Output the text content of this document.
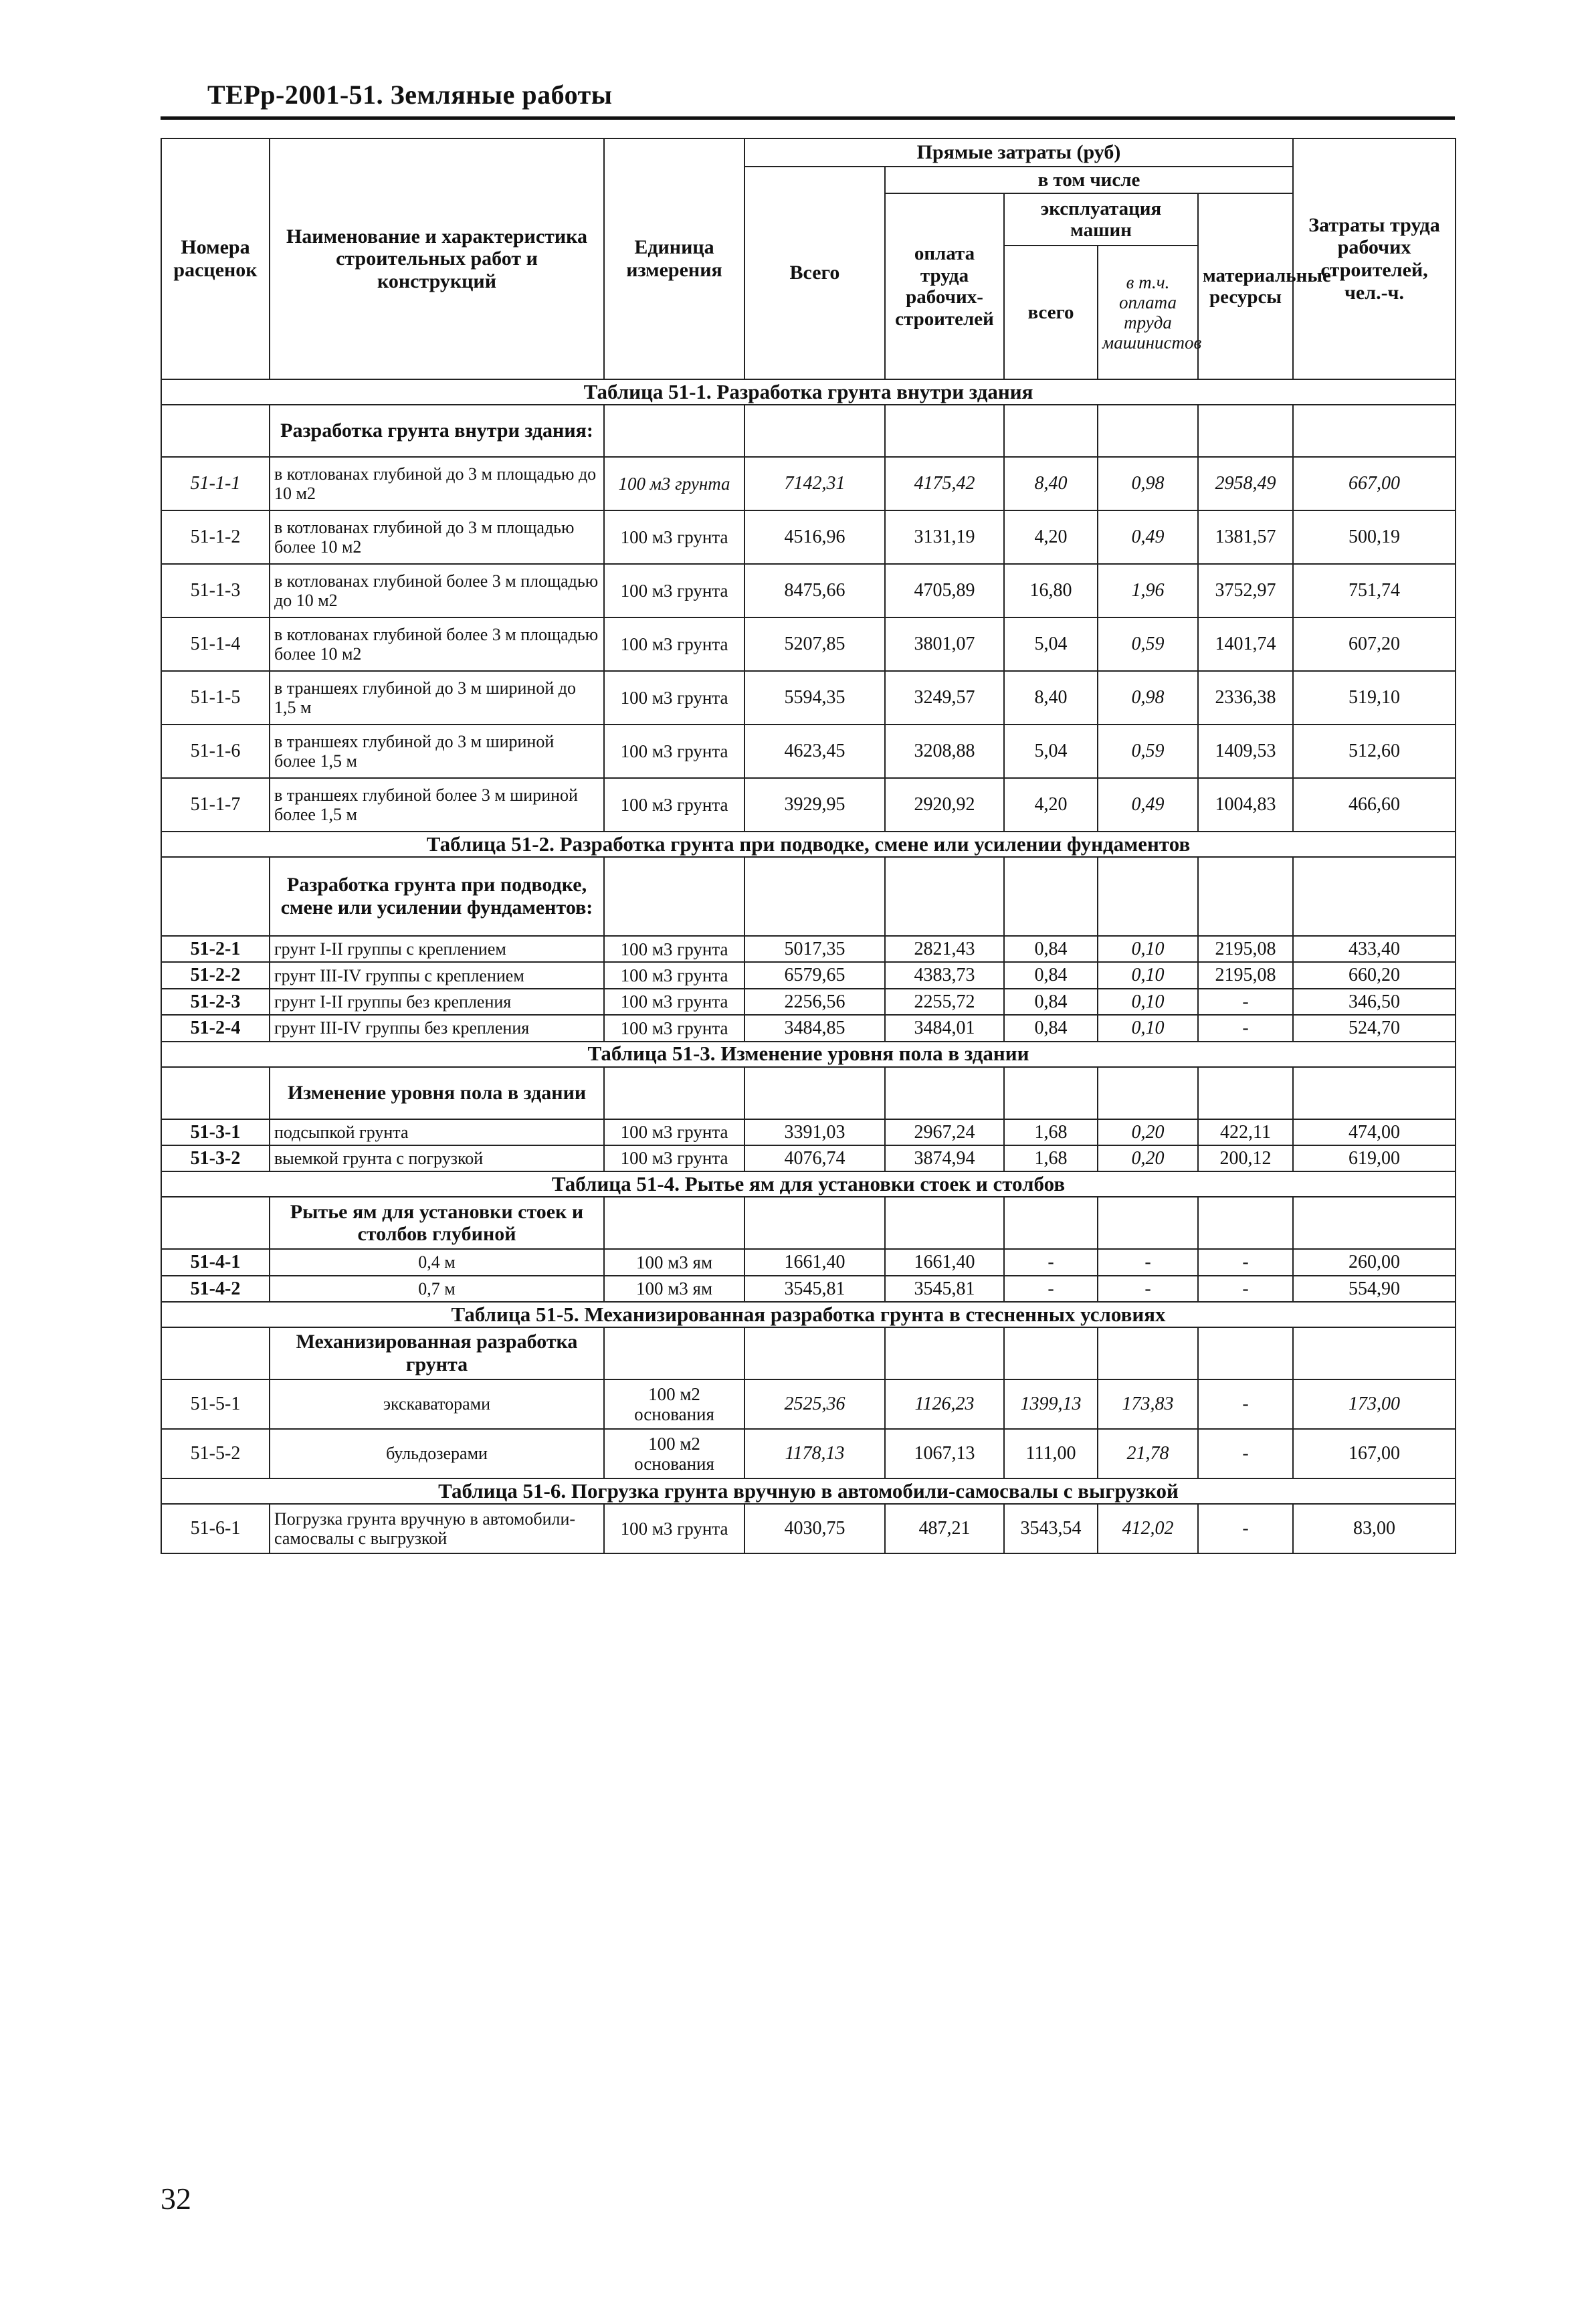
ТЕРр-2001-51. Земляные работы
Номера расценок	Наименование и характеристика строительных работ и конструкций	Единица измерения	Прямые затраты (руб)					Затраты труда рабочих строителей, чел.-ч.
			Всего	в том числе				
				оплата труда рабочих-строителей	эксплуатация машин		материальные ресурсы	
					всего	в т.ч. оплата труда машинистов		
Таблица 51-1. Разработка грунта внутри здания								
	Разработка грунта внутри здания:							
51-1-1	в котлованах глубиной до 3 м площадью до 10 м2	100 м3 грунта	7142,31	4175,42	8,40	0,98	2958,49	667,00
51-1-2	в котлованах глубиной до 3 м площадью более 10 м2	100 м3 грунта	4516,96	3131,19	4,20	0,49	1381,57	500,19
51-1-3	в котлованах глубиной более 3 м площадью до 10 м2	100 м3 грунта	8475,66	4705,89	16,80	1,96	3752,97	751,74
51-1-4	в котлованах глубиной более 3 м площадью более 10 м2	100 м3 грунта	5207,85	3801,07	5,04	0,59	1401,74	607,20
51-1-5	в траншеях глубиной до 3 м шириной до 1,5 м	100 м3 грунта	5594,35	3249,57	8,40	0,98	2336,38	519,10
51-1-6	в траншеях глубиной до 3 м шириной более 1,5 м	100 м3 грунта	4623,45	3208,88	5,04	0,59	1409,53	512,60
51-1-7	в траншеях глубиной более 3 м шириной более 1,5 м	100 м3 грунта	3929,95	2920,92	4,20	0,49	1004,83	466,60
Таблица 51-2. Разработка грунта при подводке, смене или усилении фундаментов								
	Разработка грунта при подводке, смене или усилении фундаментов:							
51-2-1	грунт I-II группы с креплением	100 м3 грунта	5017,35	2821,43	0,84	0,10	2195,08	433,40
51-2-2	грунт III-IV группы с креплением	100 м3 грунта	6579,65	4383,73	0,84	0,10	2195,08	660,20
51-2-3	грунт I-II группы без крепления	100 м3 грунта	2256,56	2255,72	0,84	0,10	-	346,50
51-2-4	грунт III-IV группы без крепления	100 м3 грунта	3484,85	3484,01	0,84	0,10	-	524,70
Таблица 51-3. Изменение уровня пола в здании								
	Изменение уровня пола в здании							
51-3-1	подсыпкой грунта	100 м3 грунта	3391,03	2967,24	1,68	0,20	422,11	474,00
51-3-2	выемкой грунта с погрузкой	100 м3 грунта	4076,74	3874,94	1,68	0,20	200,12	619,00
Таблица 51-4. Рытье ям для установки стоек и столбов								
	Рытье ям для установки стоек и столбов глубиной							
51-4-1	0,4 м	100 м3 ям	1661,40	1661,40	-	-	-	260,00
51-4-2	0,7 м	100 м3 ям	3545,81	3545,81	-	-	-	554,90
Таблица 51-5. Механизированная разработка грунта в стесненных условиях								
	Механизированная разработка грунта							
51-5-1	экскаваторами	100 м2 основания	2525,36	1126,23	1399,13	173,83	-	173,00
51-5-2	бульдозерами	100 м2 основания	1178,13	1067,13	111,00	21,78	-	167,00
Таблица 51-6. Погрузка грунта вручную в автомобили-самосвалы с выгрузкой								
51-6-1	Погрузка грунта вручную в автомобили-самосвалы с выгрузкой	100 м3 грунта	4030,75	487,21	3543,54	412,02	-	83,00
32
